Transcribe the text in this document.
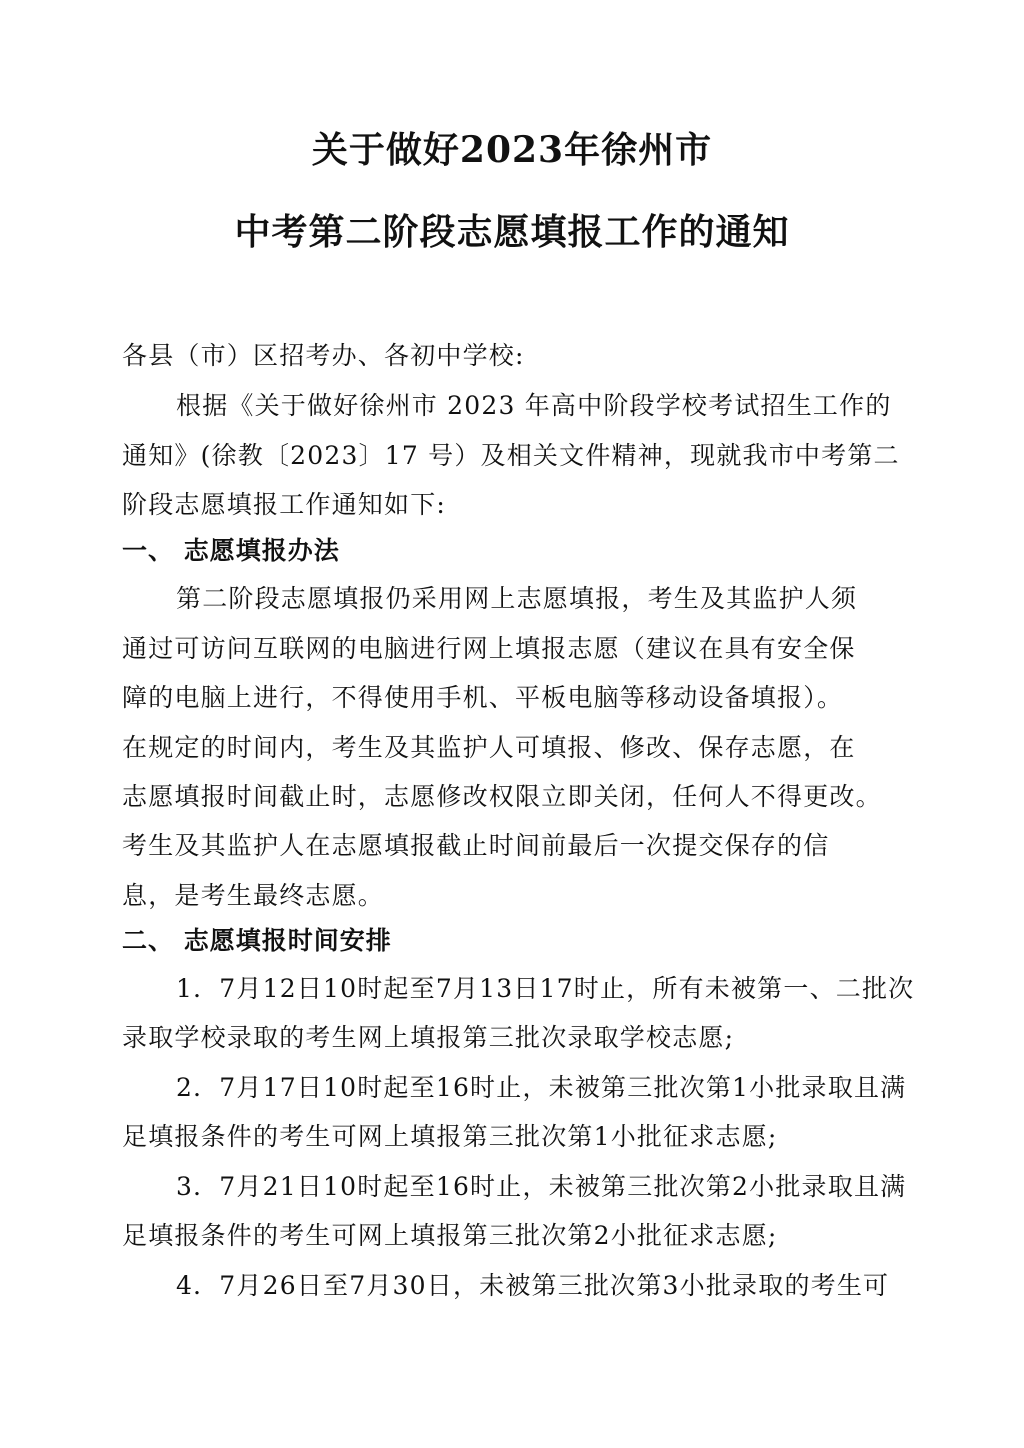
关于做好2023年徐州市
中考第二阶段志愿填报工作的通知
各县（市）区招考办、各初中学校:
根据《关于做好徐州市 2023 年高中阶段学校考试招生工作的
通知》(徐教〔2023〕17 号）及相关文件精神，现就我市中考第二
阶段志愿填报工作通知如下:
一、 志愿填报办法
第二阶段志愿填报仍采用网上志愿填报，考生及其监护人须
通过可访问互联网的电脑进行网上填报志愿（建议在具有安全保
障的电脑上进行，不得使用手机、平板电脑等移动设备填报）。
在规定的时间内，考生及其监护人可填报、修改、保存志愿，在
志愿填报时间截止时，志愿修改权限立即关闭，任何人不得更改。
考生及其监护人在志愿填报截止时间前最后一次提交保存的信
息，是考生最终志愿。
二、 志愿填报时间安排
1．7月12日10时起至7月13日17时止，所有未被第一、二批次
录取学校录取的考生网上填报第三批次录取学校志愿;
2．7月17日10时起至16时止，未被第三批次第1小批录取且满
足填报条件的考生可网上填报第三批次第1小批征求志愿;
3．7月21日10时起至16时止，未被第三批次第2小批录取且满
足填报条件的考生可网上填报第三批次第2小批征求志愿;
4．7月26日至7月30日，未被第三批次第3小批录取的考生可
